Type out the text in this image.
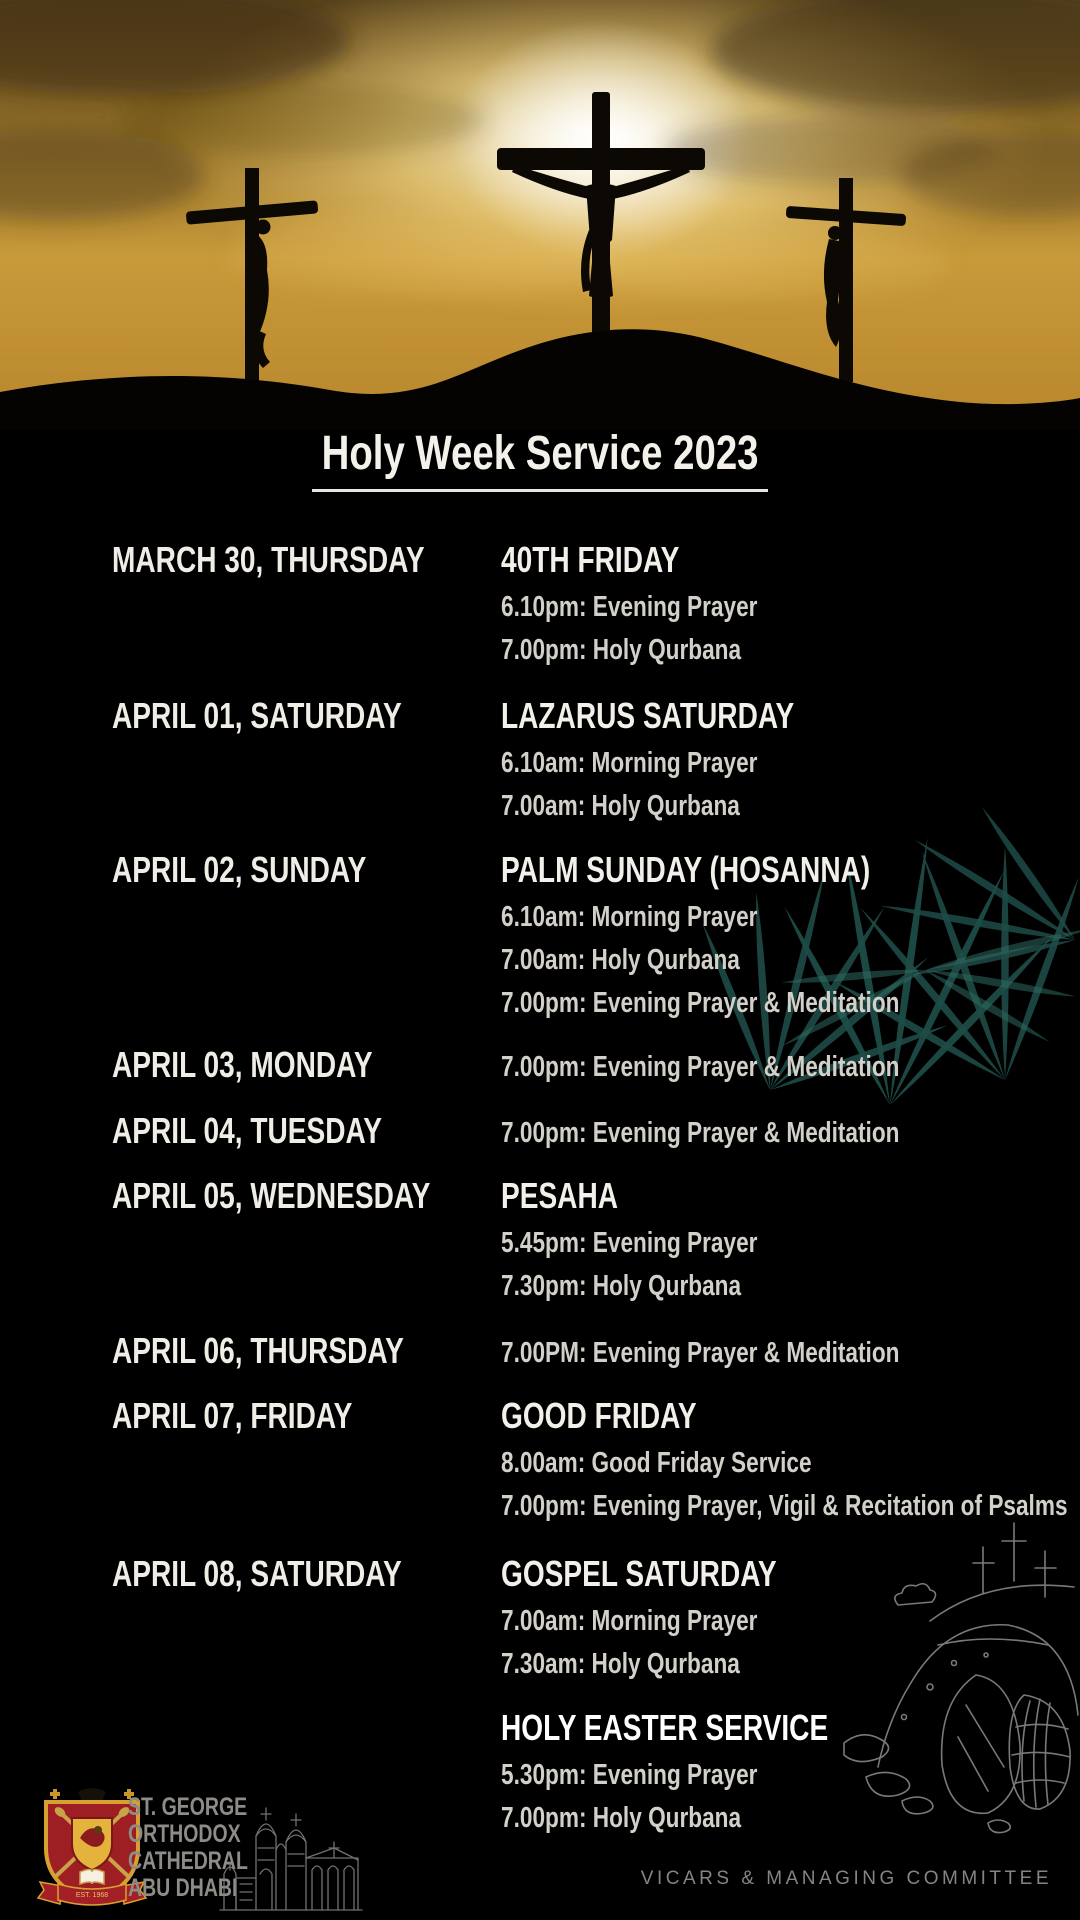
Holy Week Service 2023
MARCH 30, THURSDAY	40TH FRIDAY
6.10pm: Evening Prayer
7.00pm: Holy Qurbana
APRIL 01, SATURDAY	LAZARUS SATURDAY
6.10am: Morning Prayer
7.00am: Holy Qurbana
APRIL 02, SUNDAY	PALM SUNDAY (HOSANNA)
6.10am: Morning Prayer
7.00am: Holy Qurbana
7.00pm: Evening Prayer & Meditation
APRIL 03, MONDAY	7.00pm: Evening Prayer & Meditation
APRIL 04, TUESDAY	7.00pm: Evening Prayer & Meditation
APRIL 05, WEDNESDAY	PESAHA
5.45pm: Evening Prayer
7.30pm: Holy Qurbana
APRIL 06, THURSDAY	7.00PM: Evening Prayer & Meditation
APRIL 07, FRIDAY	GOOD FRIDAY
8.00am: Good Friday Service
7.00pm: Evening Prayer, Vigil & Recitation of Psalms
APRIL 08, SATURDAY	GOSPEL SATURDAY
7.00am: Morning Prayer
7.30am: Holy Qurbana
HOLY EASTER SERVICE
5.30pm: Evening Prayer
7.00pm: Holy Qurbana
EST. 1968
ST. GEORGE
ORTHODOX
CATHEDRAL
ABU DHABI	VICARS & MANAGING COMMITTEE
